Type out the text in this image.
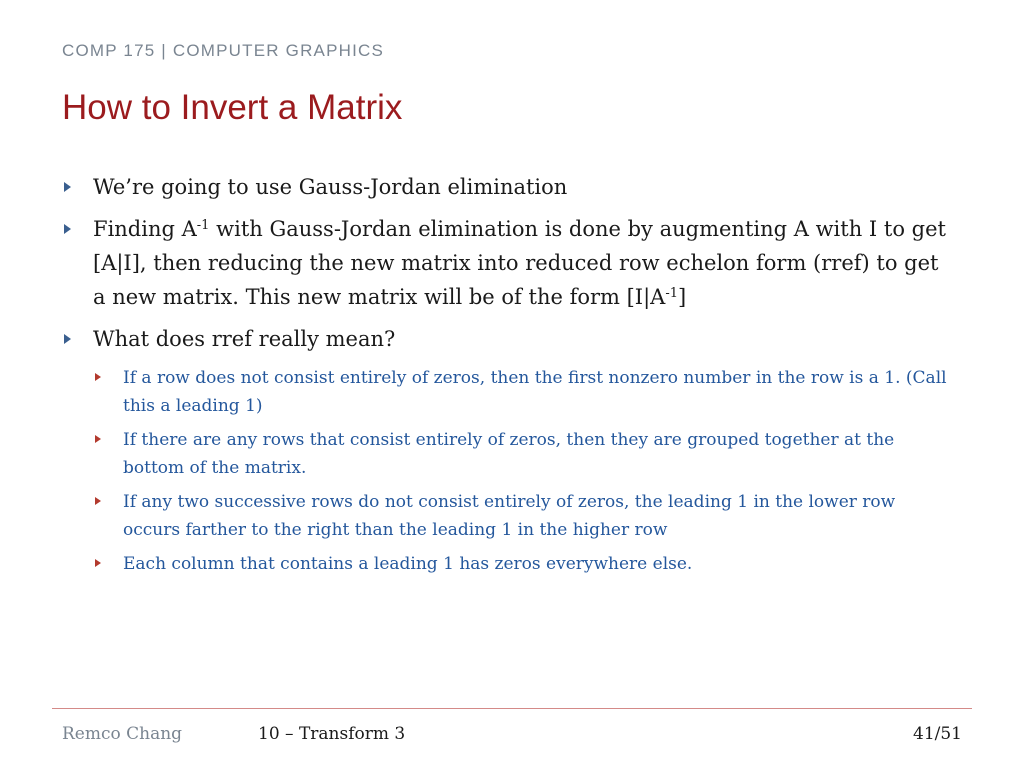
COMP 175 | COMPUTER GRAPHICS
How to Invert a Matrix
We’re going to use Gauss-Jordan elimination
Finding $A^{-1}$ with Gauss-Jordan elimination is done by augmenting A with I to get [A|I], then reducing the new matrix into reduced row echelon form (rref) to get a new matrix. This new matrix will be of the form $[I|A^{-1}]$
What does rref really mean?
If a row does not consist entirely of zeros, then the first nonzero number in the row is a 1. (Call this a leading 1)
If there are any rows that consist entirely of zeros, then they are grouped together at the bottom of the matrix.
If any two successive rows do not consist entirely of zeros, the leading 1 in the lower row occurs farther to the right than the leading 1 in the higher row
Each column that contains a leading 1 has zeros everywhere else.
Remco Chang	10 – Transform 3	41/51
